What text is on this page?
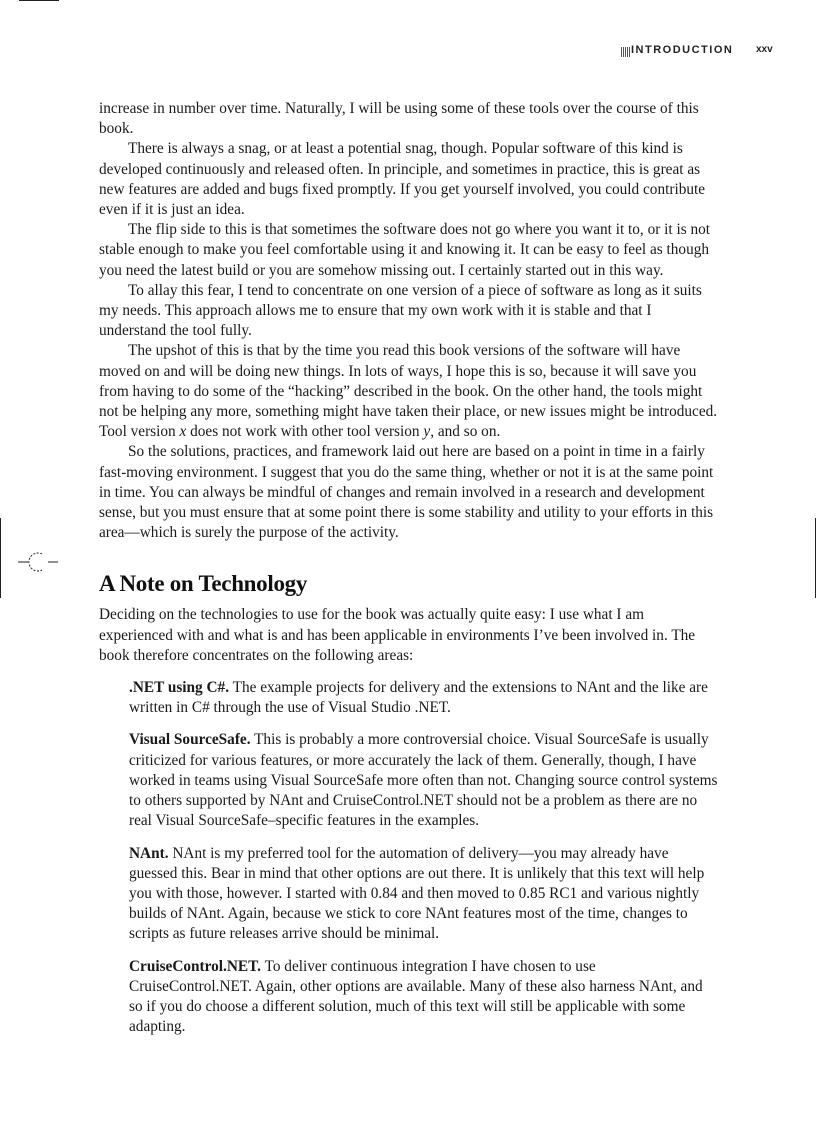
INTRODUCTION xxv

increase in number over time. Naturally, I will be using some of these tools over the course of this book.

There is always a snag, or at least a potential snag, though. Popular software of this kind is developed continuously and released often. In principle, and sometimes in practice, this is great as new features are added and bugs fixed promptly. If you get yourself involved, you could contribute even if it is just an idea.

The flip side to this is that sometimes the software does not go where you want it to, or it is not stable enough to make you feel comfortable using it and knowing it. It can be easy to feel as though you need the latest build or you are somehow missing out. I certainly started out in this way.

To allay this fear, I tend to concentrate on one version of a piece of software as long as it suits my needs. This approach allows me to ensure that my own work with it is stable and that I understand the tool fully.

The upshot of this is that by the time you read this book versions of the software will have moved on and will be doing new things. In lots of ways, I hope this is so, because it will save you from having to do some of the “hacking” described in the book. On the other hand, the tools might not be helping any more, something might have taken their place, or new issues might be introduced. Tool version x does not work with other tool version y, and so on.

So the solutions, practices, and framework laid out here are based on a point in time in a fairly fast-moving environment. I suggest that you do the same thing, whether or not it is at the same point in time. You can always be mindful of changes and remain involved in a research and development sense, but you must ensure that at some point there is some stability and utility to your efforts in this area—which is surely the purpose of the activity.

A Note on Technology

Deciding on the technologies to use for the book was actually quite easy: I use what I am experienced with and what is and has been applicable in environments I’ve been involved in. The book therefore concentrates on the following areas:

.NET using C#. The example projects for delivery and the extensions to NAnt and the like are written in C# through the use of Visual Studio .NET.

Visual SourceSafe. This is probably a more controversial choice. Visual SourceSafe is usually criticized for various features, or more accurately the lack of them. Generally, though, I have worked in teams using Visual SourceSafe more often than not. Changing source control systems to others supported by NAnt and CruiseControl.NET should not be a problem as there are no real Visual SourceSafe–specific features in the examples.

NAnt. NAnt is my preferred tool for the automation of delivery—you may already have guessed this. Bear in mind that other options are out there. It is unlikely that this text will help you with those, however. I started with 0.84 and then moved to 0.85 RC1 and various nightly builds of NAnt. Again, because we stick to core NAnt features most of the time, changes to scripts as future releases arrive should be minimal.

CruiseControl.NET. To deliver continuous integration I have chosen to use CruiseControl.NET. Again, other options are available. Many of these also harness NAnt, and so if you do choose a different solution, much of this text will still be applicable with some adapting.
